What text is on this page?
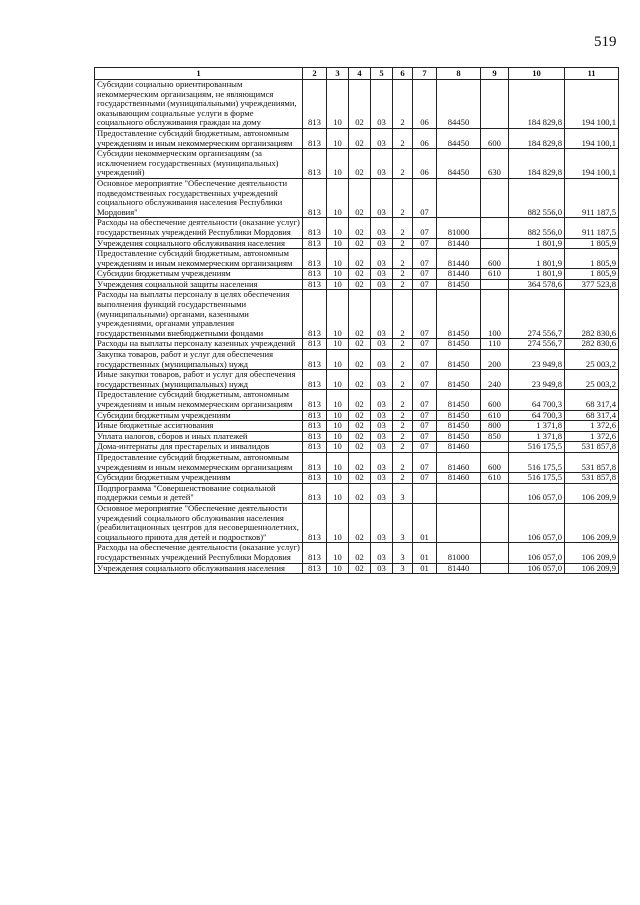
519
1	2	3	4	5	6	7	8	9	10	11
Субсидии социально ориентированным некоммерческим организациям, не являющимся государственными (муниципальными) учреждениями, оказывающим социальные услуги в форме социального обслуживания граждан на дому	813	10	02	03	2	06	84450		184 829,8	194 100,1
Предоставление субсидий бюджетным, автономным учреждениям и иным некоммерческим организациям	813	10	02	03	2	06	84450	600	184 829,8	194 100,1
Субсидии некоммерческим организациям (за исключением государственных (муниципальных) учреждений)	813	10	02	03	2	06	84450	630	184 829,8	194 100,1
Основное мероприятие "Обеспечение деятельности подведомственных государственных учреждений социального обслуживания населения Республики Мордовия"	813	10	02	03	2	07			882 556,0	911 187,5
Расходы на обеспечение деятельности (оказание услуг) государственных учреждений Республики Мордовия	813	10	02	03	2	07	81000		882 556,0	911 187,5
Учреждения социального обслуживания населения	813	10	02	03	2	07	81440		1 801,9	1 805,9
Предоставление субсидий бюджетным, автономным учреждениям и иным некоммерческим организациям	813	10	02	03	2	07	81440	600	1 801,9	1 805,9
Субсидии бюджетным учреждениям	813	10	02	03	2	07	81440	610	1 801,9	1 805,9
Учреждения социальной защиты населения	813	10	02	03	2	07	81450		364 578,6	377 523,8
Расходы на выплаты персоналу в целях обеспечения выполнения функций государственными (муниципальными) органами, казенными учреждениями, органами управления государственными внебюджетными фондами	813	10	02	03	2	07	81450	100	274 556,7	282 830,6
Расходы на выплаты персоналу казенных учреждений	813	10	02	03	2	07	81450	110	274 556,7	282 830,6
Закупка товаров, работ и услуг для обеспечения государственных (муниципальных) нужд	813	10	02	03	2	07	81450	200	23 949,8	25 003,2
Иные закупки товаров, работ и услуг для обеспечения государственных (муниципальных) нужд	813	10	02	03	2	07	81450	240	23 949,8	25 003,2
Предоставление субсидий бюджетным, автономным учреждениям и иным некоммерческим организациям	813	10	02	03	2	07	81450	600	64 700,3	68 317,4
Субсидии бюджетным учреждениям	813	10	02	03	2	07	81450	610	64 700,3	68 317,4
Иные бюджетные ассигнования	813	10	02	03	2	07	81450	800	1 371,8	1 372,6
Уплата налогов, сборов и иных платежей	813	10	02	03	2	07	81450	850	1 371,8	1 372,6
Дома-интернаты для престарелых и инвалидов	813	10	02	03	2	07	81460		516 175,5	531 857,8
Предоставление субсидий бюджетным, автономным учреждениям и иным некоммерческим организациям	813	10	02	03	2	07	81460	600	516 175,5	531 857,8
Субсидии бюджетным учреждениям	813	10	02	03	2	07	81460	610	516 175,5	531 857,8
Подпрограмма "Совершенствование социальной поддержки семьи и детей"	813	10	02	03	3				106 057,0	106 209,9
Основное мероприятие "Обеспечение деятельности учреждений социального обслуживания населения (реабилитационных центров для несовершеннолетних, социального приюта для детей и подростков)"	813	10	02	03	3	01			106 057,0	106 209,9
Расходы на обеспечение деятельности (оказание услуг) государственных учреждений Республики Мордовия	813	10	02	03	3	01	81000		106 057,0	106 209,9
Учреждения социального обслуживания населения	813	10	02	03	3	01	81440		106 057,0	106 209,9
